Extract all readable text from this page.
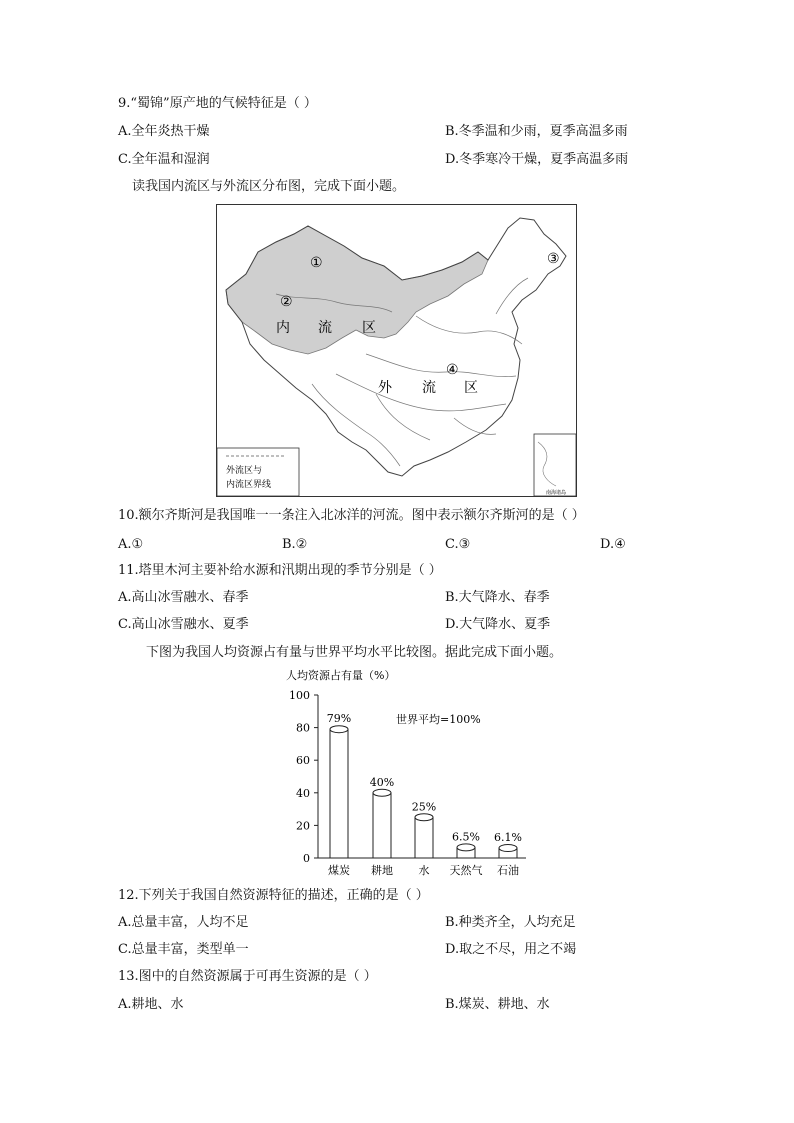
9.“蜀锦”原产地的气候特征是（ ）
A.全年炎热干燥	B.冬季温和少雨，夏季高温多雨
C.全年温和湿润	D.冬季寒冷干燥，夏季高温多雨
读我国内流区与外流区分布图，完成下面小题。
内 流 区
外 流 区
①
②
③
④
外流区与
内流区界线
南海诸岛
10.额尔齐斯河是我国唯一一条注入北冰洋的河流。图中表示额尔齐斯河的是（ ）
A.①	B.②	C.③	D.④
11.塔里木河主要补给水源和汛期出现的季节分别是（ ）
A.高山冰雪融水、春季	B.大气降水、春季
C.高山冰雪融水、夏季	D.大气降水、夏季
下图为我国人均资源占有量与世界平均水平比较图。据此完成下面小题。
人均资源占有量（%）
0
20
40
60
80
100
79%
煤炭
40%
耕地
25%
水
6.5%
天然气
6.1%
石油
世界平均=100%
12.下列关于我国自然资源特征的描述，正确的是（ ）
A.总量丰富，人均不足	B.种类齐全，人均充足
C.总量丰富，类型单一	D.取之不尽，用之不竭
13.图中的自然资源属于可再生资源的是（ ）
A.耕地、水	B.煤炭、耕地、水
